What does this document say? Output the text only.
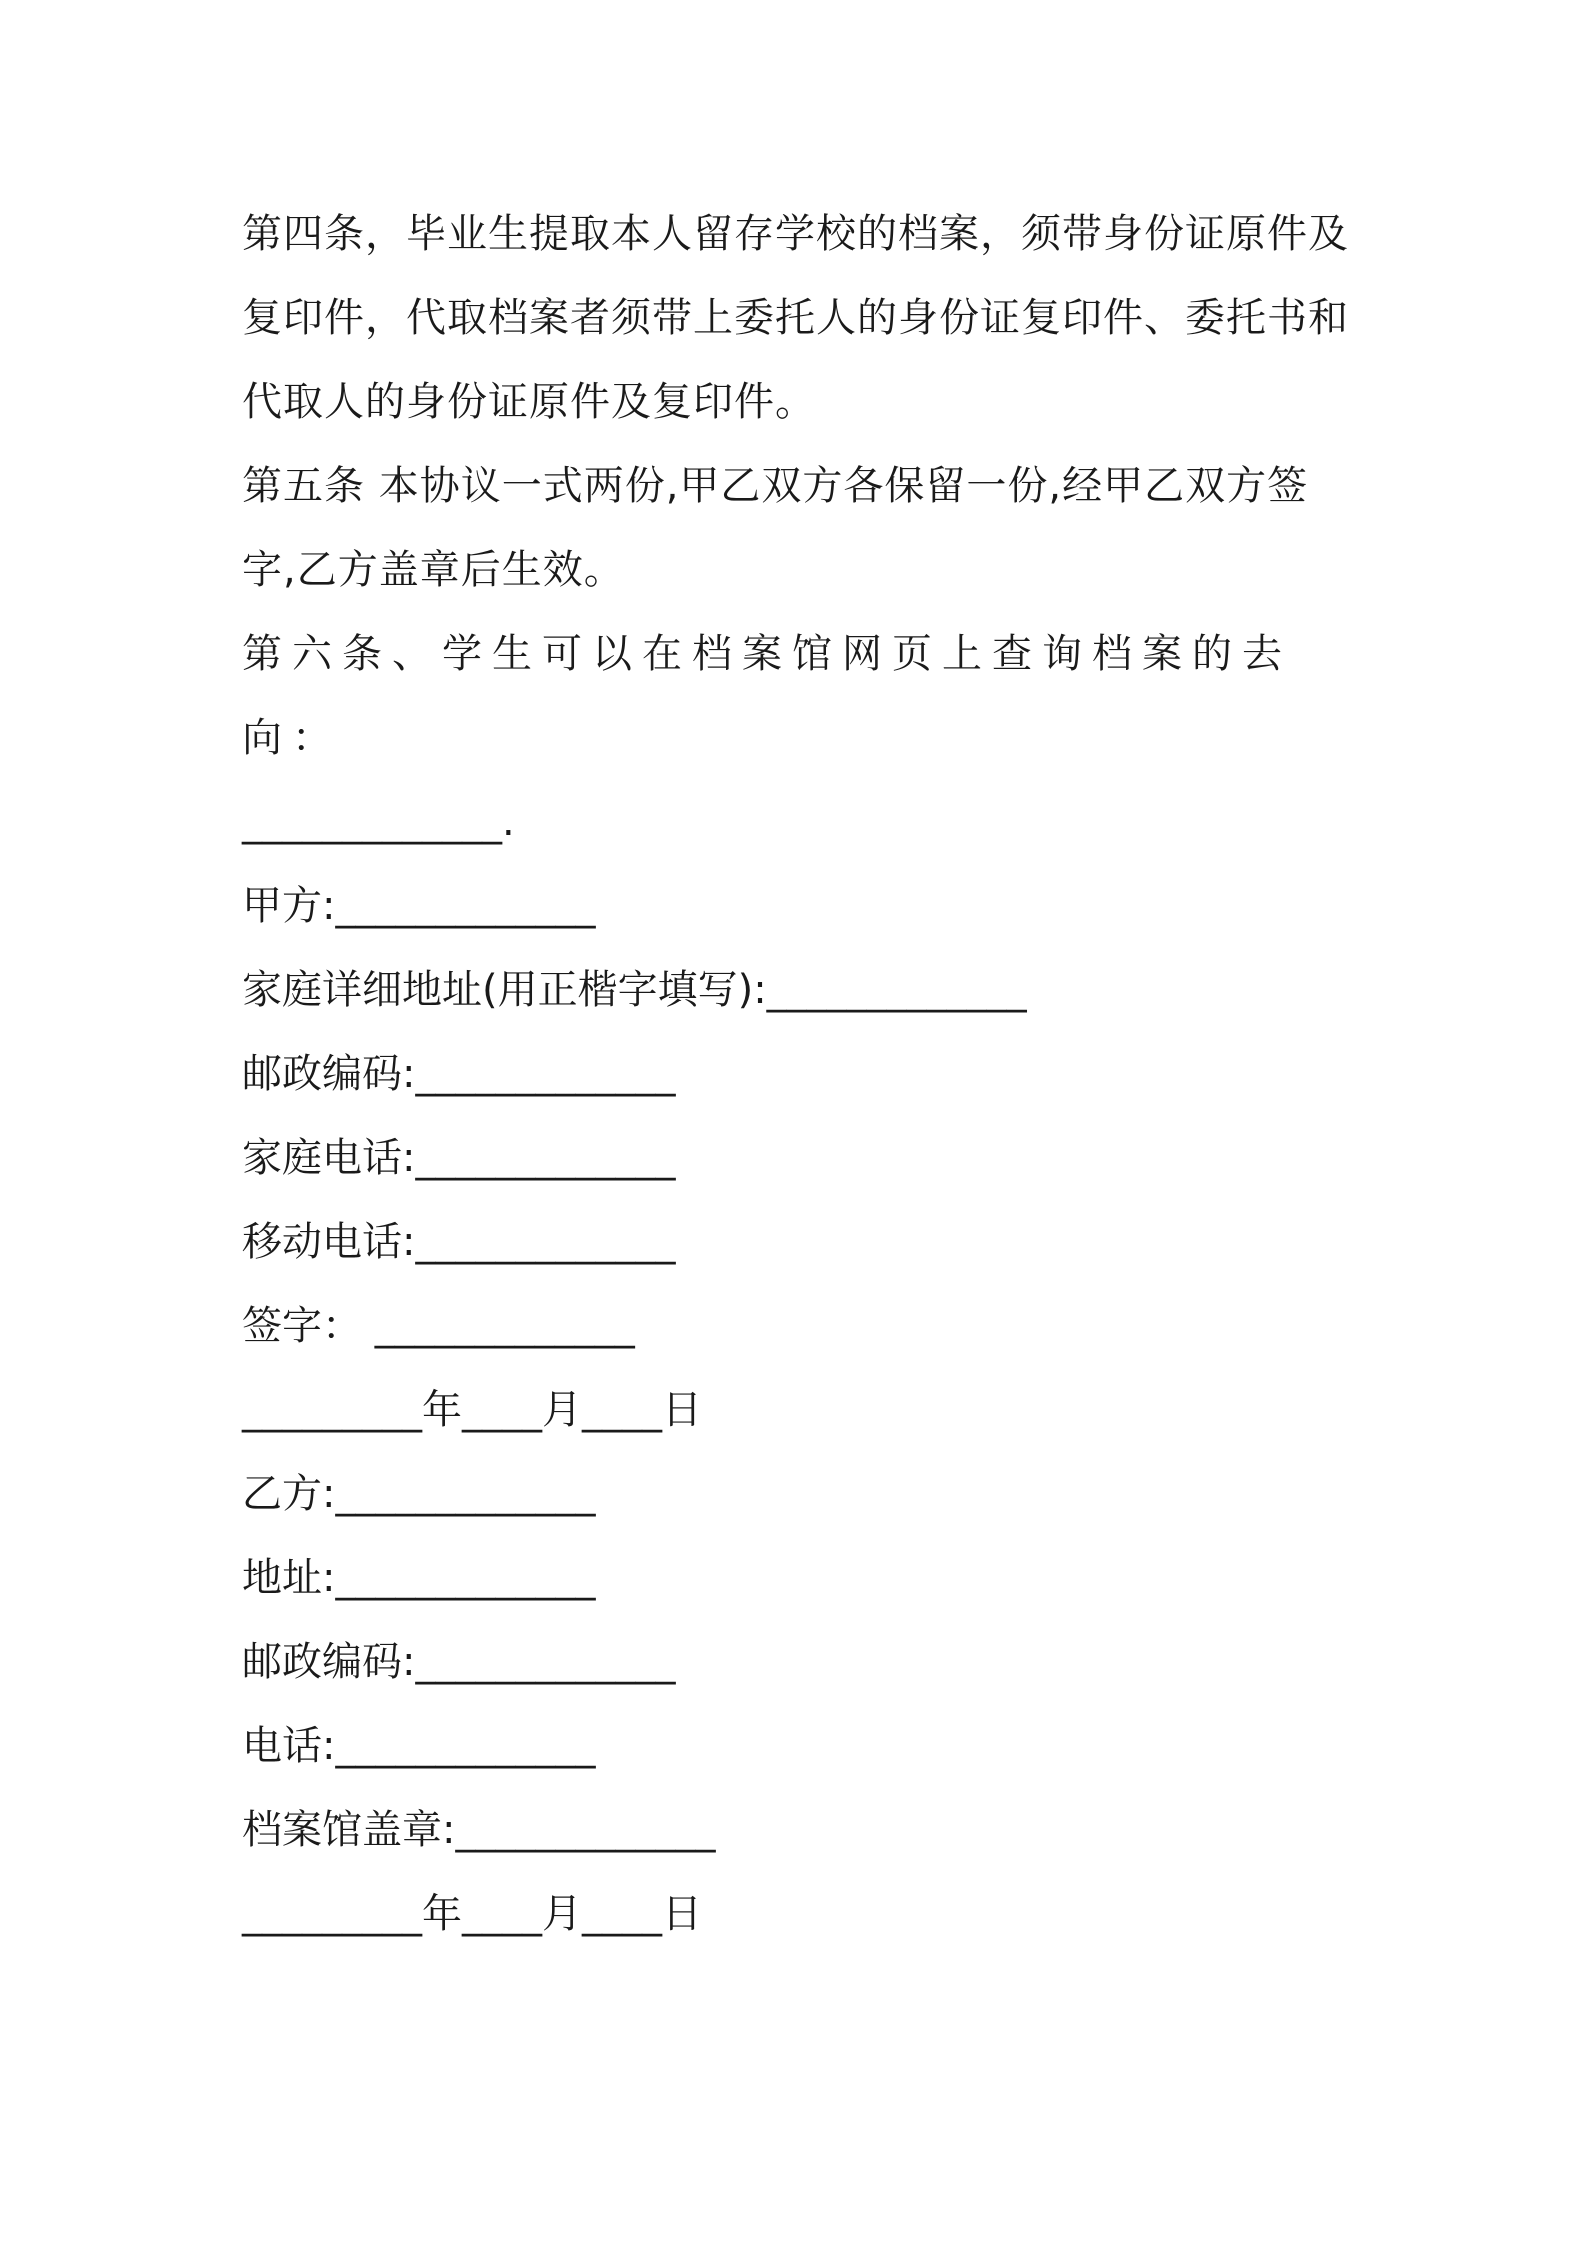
第四条，毕业生提取本人留存学校的档案，须带身份证原件及复印件，代取档案者须带上委托人的身份证复印件、委托书和代取人的身份证原件及复印件。

第五条 本协议一式两份,甲乙双方各保留一份,经甲乙双方签字,乙方盖章后生效。

第六条、学生可以在档案馆网页上查询档案的去向：

_____________.

甲方:_____________

家庭详细地址(用正楷字填写):_____________

邮政编码:_____________

家庭电话:_____________

移动电话:_____________

签字： _____________

_________年____月____日

乙方:_____________

地址:_____________

邮政编码:_____________

电话:_____________

档案馆盖章:_____________

_________年____月____日
